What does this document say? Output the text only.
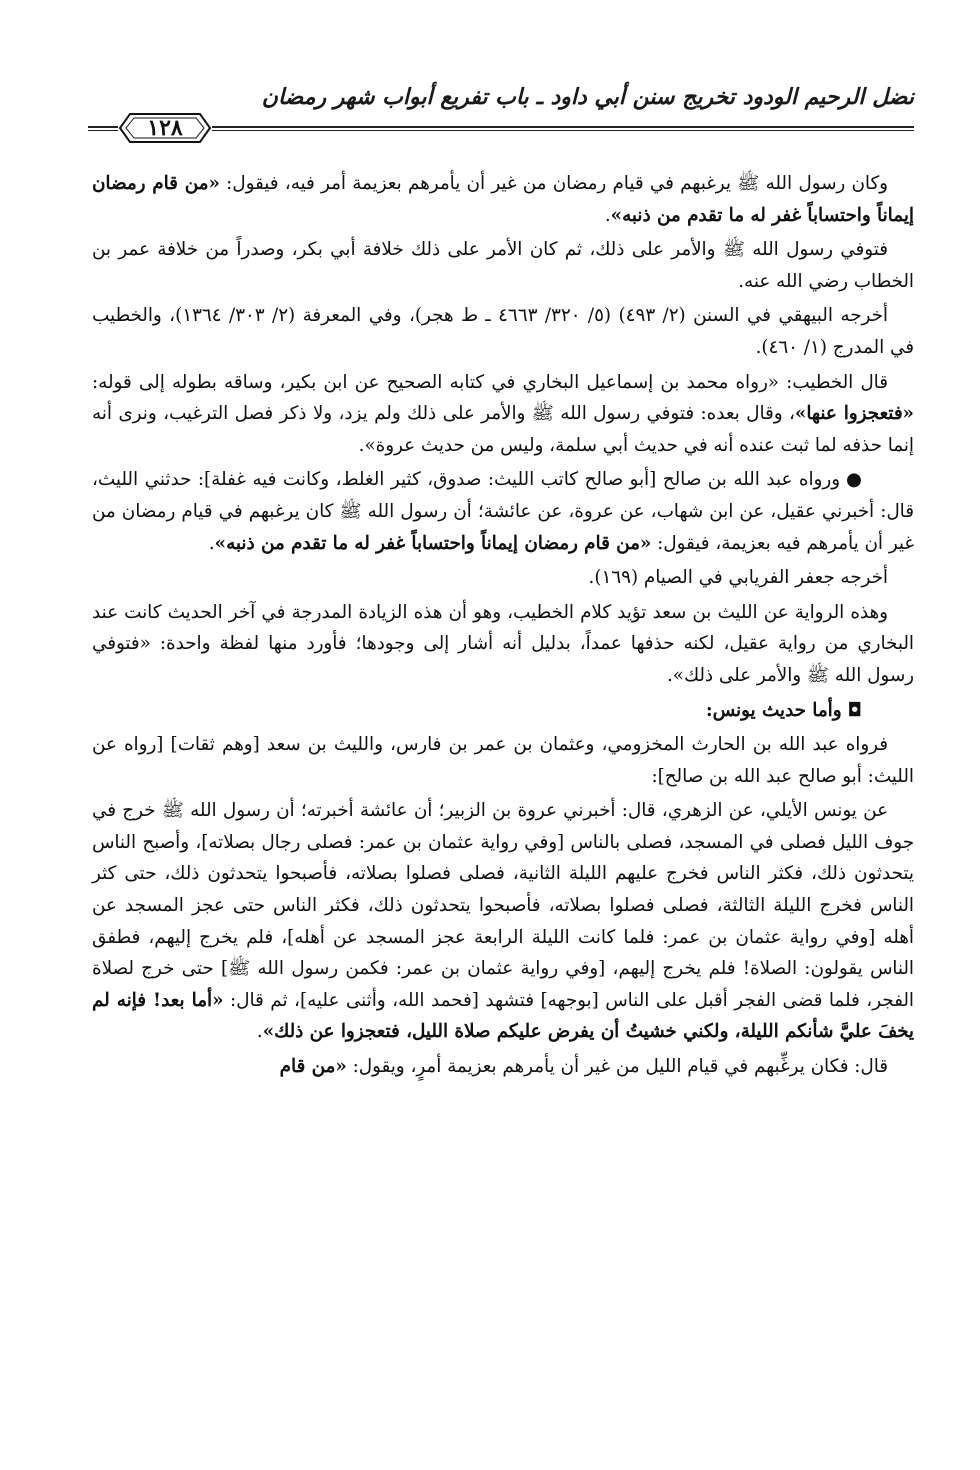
نضل الرحيم الودود تخريج سنن أبي داود ـ باب تفريع أبواب شهر رمضان
١٢٨

وكان رسول الله ﷺ يرغبهم في قيام رمضان من غير أن يأمرهم بعزيمة أمر فيه، فيقول: «من قام رمضان إيماناً واحتساباً غفر له ما تقدم من ذنبه».

فتوفي رسول الله ﷺ والأمر على ذلك، ثم كان الأمر على ذلك خلافة أبي بكر، وصدراً من خلافة عمر بن الخطاب رضي الله عنه.

أخرجه البيهقي في السنن (٢/ ٤٩٣) (٥/ ٣٢٠/ ٤٦٦٣ ـ ط هجر)، وفي المعرفة (٢/ ٣٠٣/ ١٣٦٤)، والخطيب في المدرج (١/ ٤٦٠).

قال الخطيب: «رواه محمد بن إسماعيل البخاري في كتابه الصحيح عن ابن بكير، وساقه بطوله إلى قوله: «فتعجزوا عنها»، وقال بعده: فتوفي رسول الله ﷺ والأمر على ذلك ولم يزد، ولا ذكر فصل الترغيب، ونرى أنه إنما حذفه لما ثبت عنده أنه في حديث أبي سلمة، وليس من حديث عروة».

●ورواه عبد الله بن صالح [أبو صالح كاتب الليث: صدوق، كثير الغلط، وكانت فيه غفلة]: حدثني الليث، قال: أخبرني عقيل، عن ابن شهاب، عن عروة، عن عائشة؛ أن رسول الله ﷺ كان يرغبهم في قيام رمضان من غير أن يأمرهم فيه بعزيمة، فيقول: «من قام رمضان إيماناً واحتساباً غفر له ما تقدم من ذنبه».

أخرجه جعفر الفريابي في الصيام (١٦٩).

وهذه الرواية عن الليث بن سعد تؤيد كلام الخطيب، وهو أن هذه الزيادة المدرجة في آخر الحديث كانت عند البخاري من رواية عقيل، لكنه حذفها عمداً، بدليل أنه أشار إلى وجودها؛ فأورد منها لفظة واحدة: «فتوفي رسول الله ﷺ والأمر على ذلك».

◘وأما حديث يونس:

فرواه عبد الله بن الحارث المخزومي، وعثمان بن عمر بن فارس، والليث بن سعد [وهم ثقات] [رواه عن الليث: أبو صالح عبد الله بن صالح]:

عن يونس الأيلي، عن الزهري، قال: أخبرني عروة بن الزبير؛ أن عائشة أخبرته؛ أن رسول الله ﷺ خرج في جوف الليل فصلى في المسجد، فصلى بالناس [وفي رواية عثمان بن عمر: فصلى رجال بصلاته]، وأصبح الناس يتحدثون ذلك، فكثر الناس فخرج عليهم الليلة الثانية، فصلى فصلوا بصلاته، فأصبحوا يتحدثون ذلك، حتى كثر الناس فخرج الليلة الثالثة، فصلى فصلوا بصلاته، فأصبحوا يتحدثون ذلك، فكثر الناس حتى عجز المسجد عن أهله [وفي رواية عثمان بن عمر: فلما كانت الليلة الرابعة عجز المسجد عن أهله]، فلم يخرج إليهم، فطفق الناس يقولون: الصلاة! فلم يخرج إليهم، [وفي رواية عثمان بن عمر: فكمن رسول الله ﷺ] حتى خرج لصلاة الفجر، فلما قضى الفجر أقبل على الناس [بوجهه] فتشهد [فحمد الله، وأثنى عليه]، ثم قال: «أما بعد! فإنه لم يخفَ عليَّ شأنكم الليلة، ولكني خشيتُ أن يفرض عليكم صلاة الليل، فتعجزوا عن ذلك».

قال: فكان يرغِّبهم في قيام الليل من غير أن يأمرهم بعزيمة أمرٍ، ويقول: «من قام
